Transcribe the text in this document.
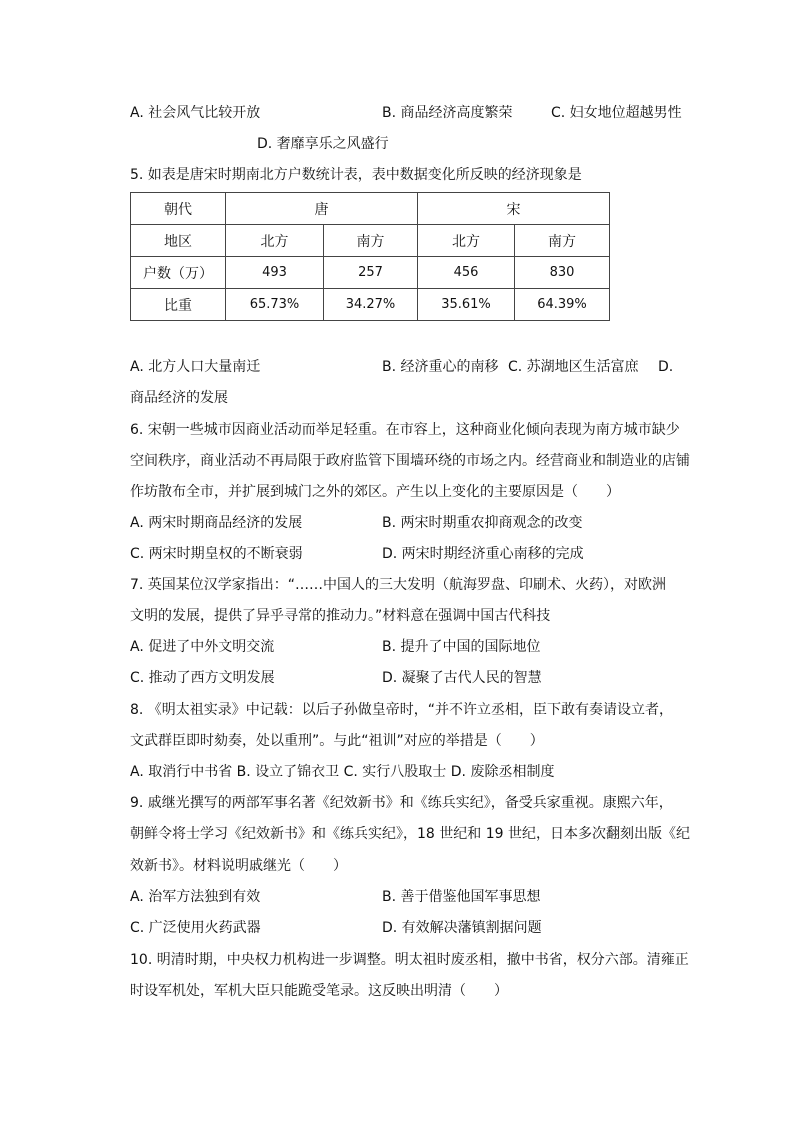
A. 社会风气比较开放	B. 商品经济高度繁荣	C. 妇女地位超越男性
D. 奢靡享乐之风盛行
5. 如表是唐宋时期南北方户数统计表，表中数据变化所反映的经济现象是
朝代	唐		宋	
地区	北方	南方	北方	南方
户数（万）	493	257	456	830
比重	65.73%	34.27%	35.61%	64.39%
A. 北方人口大量南迁	B. 经济重心的南移 C. 苏湖地区生活富庶 D.
商品经济的发展
6. 宋朝一些城市因商业活动而举足轻重。在市容上，这种商业化倾向表现为南方城市缺少
空间秩序，商业活动不再局限于政府监管下围墙环绕的市场之内。经营商业和制造业的店铺
作坊散布全市，并扩展到城门之外的郊区。产生以上变化的主要原因是（　　）
A. 两宋时期商品经济的发展	B. 两宋时期重农抑商观念的改变
C. 两宋时期皇权的不断衰弱	D. 两宋时期经济重心南移的完成
7. 英国某位汉学家指出：“……中国人的三大发明（航海罗盘、印刷术、火药），对欧洲
文明的发展，提供了异乎寻常的推动力。”材料意在强调中国古代科技
A. 促进了中外文明交流	B. 提升了中国的国际地位
C. 推动了西方文明发展	D. 凝聚了古代人民的智慧
8. 《明太祖实录》中记载：以后子孙做皇帝时，“并不许立丞相，臣下敢有奏请设立者，
文武群臣即时劾奏，处以重刑”。与此“祖训”对应的举措是（　　）
A. 取消行中书省 B. 设立了锦衣卫 C. 实行八股取士 D. 废除丞相制度
9. 戚继光撰写的两部军事名著《纪效新书》和《练兵实纪》，备受兵家重视。康熙六年，
朝鲜令将士学习《纪效新书》和《练兵实纪》，18 世纪和 19 世纪，日本多次翻刻出版《纪
效新书》。材料说明戚继光（　　）
A. 治军方法独到有效	B. 善于借鉴他国军事思想
C. 广泛使用火药武器	D. 有效解决藩镇割据问题
10. 明清时期，中央权力机构进一步调整。明太祖时废丞相，撤中书省，权分六部。清雍正
时设军机处，军机大臣只能跪受笔录。这反映出明清（　　）
